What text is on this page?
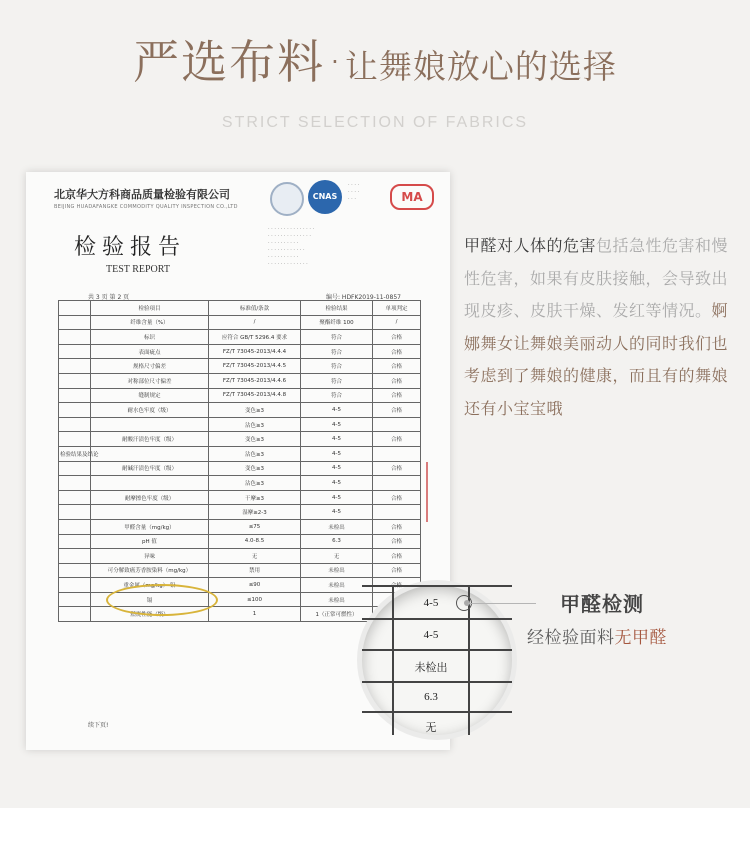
严选布料 · 让舞娘放心的选择
STRICT SELECTION OF FABRICS
北京华大方科商品质量检验有限公司
BEIJING HUADAFANGKE COMMODITY QUALITY INSPECTION CO.,LTD
CNAS
· · · ·
· · · ·
· · ·	MA
检验报告
TEST REPORT
· · · · · · · · · · · · · · ·
· · · · · · · · · · · · · ·
· · · · · · · · · ·
· · · · · · · · · · · ·
· · · · · · · · · ·
· · · · · · · · · · · · ·
共 3 页 第 2 页	编号: HDFK2019-11-0857
	检验项目	标准值/条款	检验结果	单项判定
	纤维含量（%）	/	聚酯纤维 100	/
	标识	应符合 GB/T 5296.4 要求	符合	合格
	表面疵点	FZ/T 73045-2013/4.4.4	符合	合格
	规格尺寸偏差	FZ/T 73045-2013/4.4.5	符合	合格
	对称部位尺寸偏差	FZ/T 73045-2013/4.4.6	符合	合格
	缝制规定	FZ/T 73045-2013/4.4.8	符合	合格
	耐水色牢度（级）	变色≥3	4-5	合格
		沾色≥3	4-5	
	耐酸汗渍色牢度（级）	变色≥3	4-5	合格
检验结果及结论		沾色≥3	4-5	
	耐碱汗渍色牢度（级）	变色≥3	4-5	合格
		沾色≥3	4-5	
	耐摩擦色牢度（级）	干摩≥3	4-5	合格
		湿摩≥2-3	4-5	
	甲醛含量（mg/kg）	≤75	未检出	合格
	pH 值	4.0-8.5	6.3	合格
	异味	无	无	合格
	可分解致癌芳香胺染料（mg/kg）	禁用	未检出	合格
	重金属（mg/kg） 铅	≤90	未检出	
	镉	≤100	未检出	
	燃烧性能（级）	1	1（正常可燃性）	
续下页!
4-5
4-5
未检出
6.3
无
甲醛对人体的危害包括急性危害和慢性危害，如果有皮肤接触，会导致出现皮疹、皮肤干燥、发红等情况。婀娜舞女让舞娘美丽动人的同时我们也考虑到了舞娘的健康，而且有的舞娘还有小宝宝哦
甲醛检测
经检验面料无甲醛
